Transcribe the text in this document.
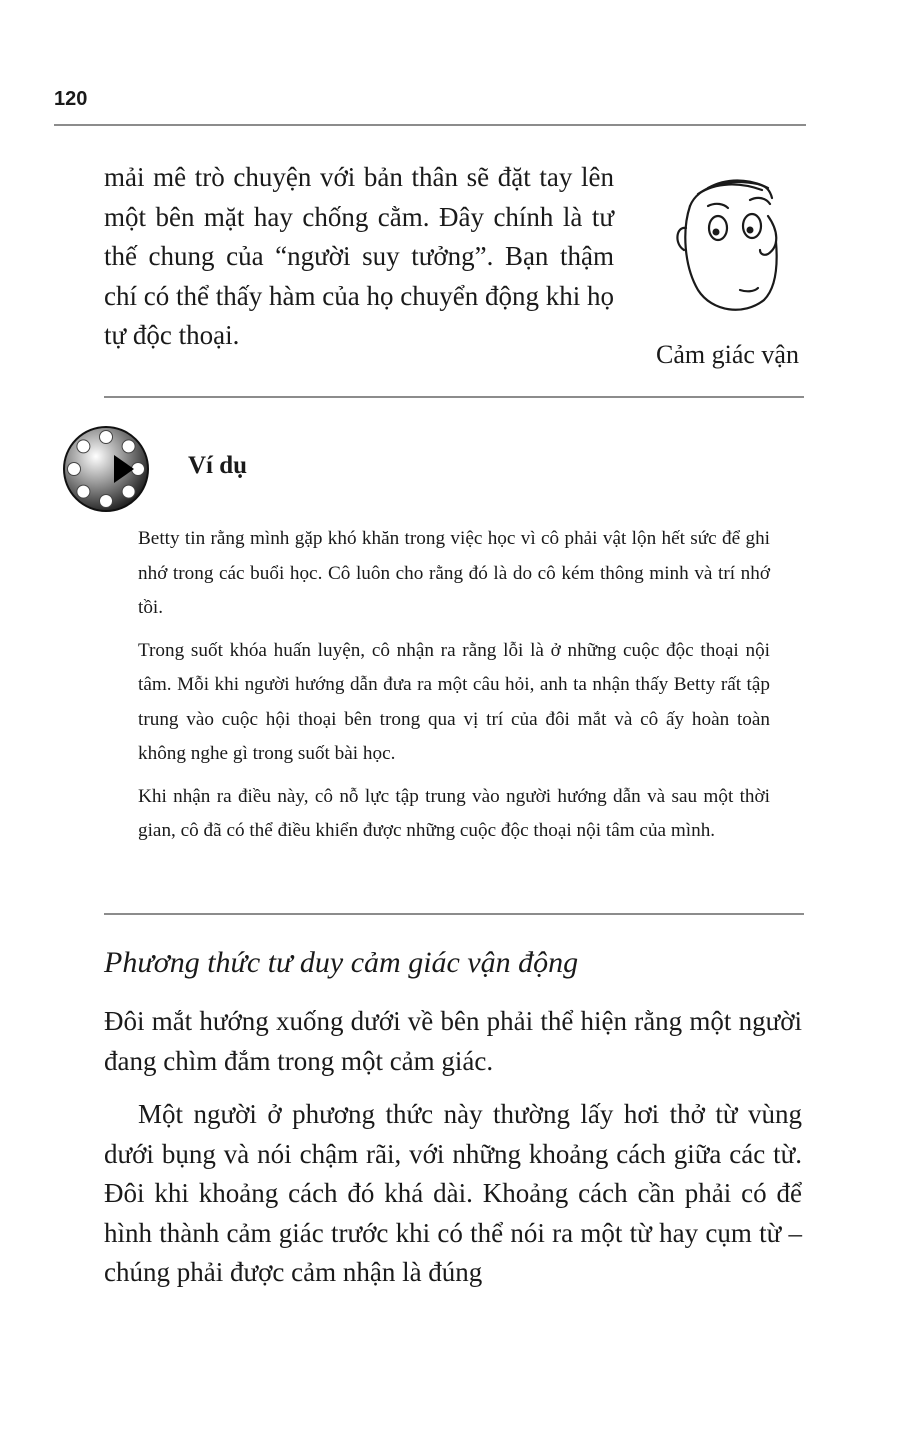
120

mải mê trò chuyện với bản thân sẽ đặt tay lên một bên mặt hay chống cằm. Đây chính là tư thế chung của “người suy tưởng”. Bạn thậm chí có thể thấy hàm của họ chuyển động khi họ tự độc thoại.

Cảm giác vận
Ví dụ

Betty tin rằng mình gặp khó khăn trong việc học vì cô phải vật lộn hết sức để ghi nhớ trong các buổi học. Cô luôn cho rằng đó là do cô kém thông minh và trí nhớ tồi.

Trong suốt khóa huấn luyện, cô nhận ra rằng lỗi là ở những cuộc độc thoại nội tâm. Mỗi khi người hướng dẫn đưa ra một câu hỏi, anh ta nhận thấy Betty rất tập trung vào cuộc hội thoại bên trong qua vị trí của đôi mắt và cô ấy hoàn toàn không nghe gì trong suốt bài học.

Khi nhận ra điều này, cô nỗ lực tập trung vào người hướng dẫn và sau một thời gian, cô đã có thể điều khiển được những cuộc độc thoại nội tâm của mình.

Phương thức tư duy cảm giác vận động

Đôi mắt hướng xuống dưới về bên phải thể hiện rằng một người đang chìm đắm trong một cảm giác.

Một người ở phương thức này thường lấy hơi thở từ vùng dưới bụng và nói chậm rãi, với những khoảng cách giữa các từ. Đôi khi khoảng cách đó khá dài. Khoảng cách cần phải có để hình thành cảm giác trước khi có thể nói ra một từ hay cụm từ – chúng phải được cảm nhận là đúng
